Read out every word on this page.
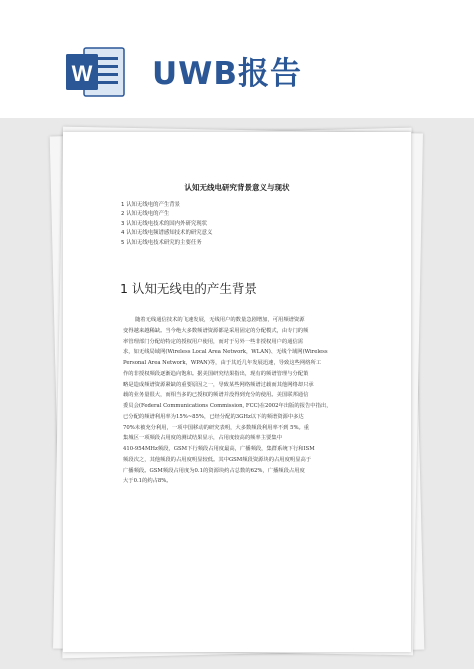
W UWB报告
认知无线电研究背景意义与现状
1 认知无线电的产生背景
2 认知无线电的产生
3 认知无线电技术的国内外研究现状
4 认知无线电频谱感知技术的研究意义
5 认知无线电技术研究的主要任务
1 认知无线电的产生背景
随着无线通信技术的飞速发展，无线用户的数量急剧增加，可用频谱资源
变得越来越稀缺。当今绝大多数频谱资源都是采用固定的分配模式，由专门的频
率管理部门分配给特定的授权用户使用，而对于另外一些非授权用户的通信需
求，如无线局域网(Wireless Local Area Network，WLAN)、无线个域网(Wireless
Personal Area Network，WPAN)等，由于其近几年发展迅速，导致这些网络所工
作的非授权频段逐渐趋向饱和。据美国研究结果指出，现有的频谱管理与分配策
略是造成频谱资源紧缺的重要原因之一，导致某些网络频谱过载而其他网络却只承
载的业务量很大，而相当多的已授权的频谱并没得到充分的使用。美国联邦通信
委员会(Federal Communications Commission, FCC)在2002年出版的报告中指出，
已分配的频谱利用率为15%~85%，已经分配的3GHz以下的频谱资源中多达
70%未被充分利用，一项中国移动的研究表明，大多数频段利用率不到 5%。重
集城区一项频段占用度的测试结果显示，占用度较高的频率主要集中
410-954MHz频段，GSM下行频段占用度最高，广播频段，集群系统下行和ISM
频段次之，其他频段的占用度明显较低。其中GSM频段资源块的占用度明显高于
广播频段。GSM频段占用度为0.1的资源块约占总数的62%，广播频段占用度
大于0.1的约占8%。
